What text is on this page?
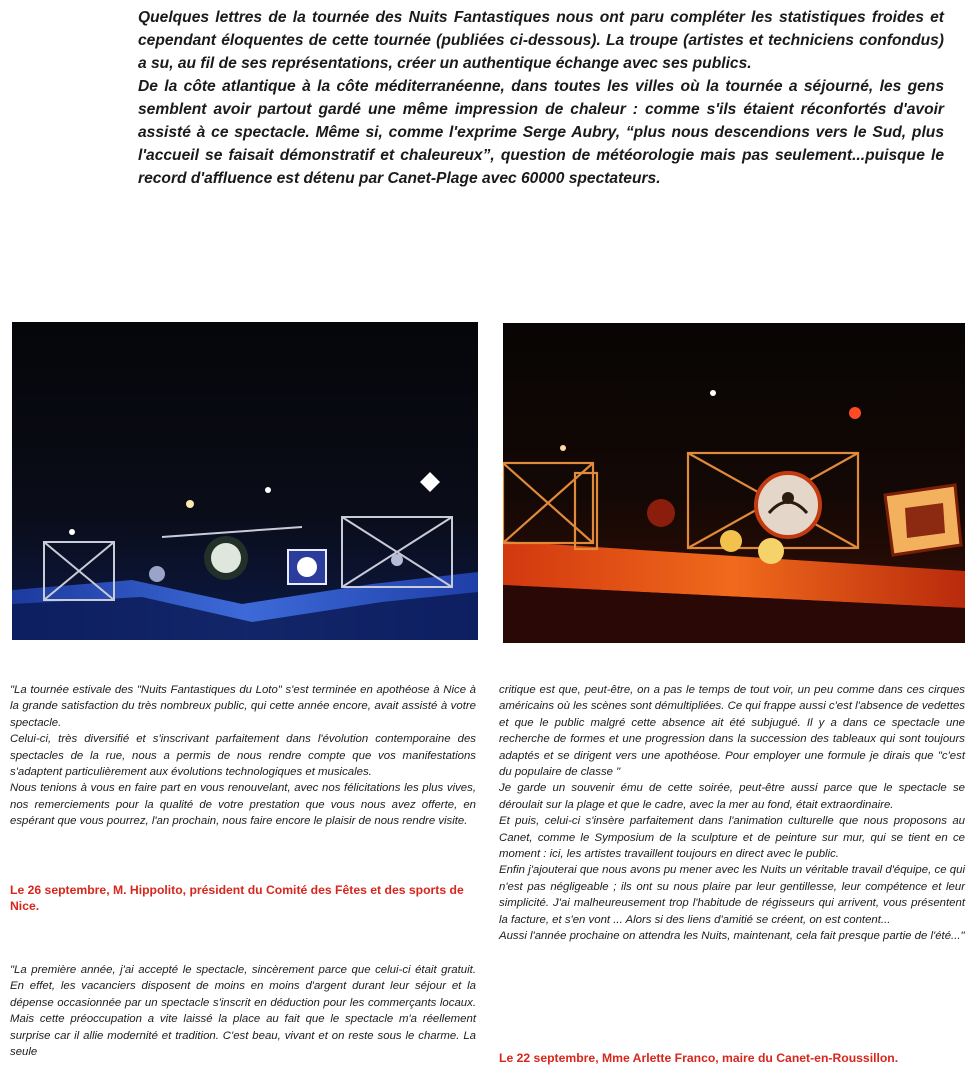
Quelques lettres de la tournée des Nuits Fantastiques nous ont paru compléter les statistiques froides et cependant éloquentes de cette tournée (publiées ci-dessous). La troupe (artistes et techniciens confondus) a su, au fil de ses représentations, créer un authentique échange avec ses publics.

De la côte atlantique à la côte méditerranéenne, dans toutes les villes où la tournée a séjourné, les gens semblent avoir partout gardé une même impression de chaleur : comme s'ils étaient réconfortés d'avoir assisté à ce spectacle. Même si, comme l'exprime Serge Aubry, “plus nous descendions vers le Sud, plus l'accueil se faisait démonstratif et chaleureux”, question de météorologie mais pas seulement...puisque le record d'affluence est détenu par Canet-Plage avec 60000 spectateurs.

"La tournée estivale des "Nuits Fantastiques du Loto" s'est terminée en apothéose à Nice à la grande satisfaction du très nombreux public, qui cette année encore, avait assisté à votre spectacle.

Celui-ci, très diversifié et s'inscrivant parfaitement dans l'évolution contemporaine des spectacles de la rue, nous a permis de nous rendre compte que vos manifestations s'adaptent particulièrement aux évolutions technologiques et musicales.

Nous tenions à vous en faire part en vous renouvelant, avec nos félicitations les plus vives, nos remerciements pour la qualité de votre prestation que vous nous avez offerte, en espérant que vous pourrez, l'an prochain, nous faire encore le plaisir de nous rendre visite.

Le 26 septembre, M. Hippolito, président du Comité des Fêtes et des sports de Nice.

"La première année, j'ai accepté le spectacle, sincèrement parce que celui-ci était gratuit. En effet, les vacanciers disposent de moins en moins d'argent durant leur séjour et la dépense occasionnée par un spectacle s'inscrit en déduction pour les commerçants locaux. Mais cette préoccupation a vite laissé la place au fait que le spectacle m'a réellement surprise car il allie modernité et tradition. C'est beau, vivant et on reste sous le charme. La seule

critique est que, peut-être, on a pas le temps de tout voir, un peu comme dans ces cirques américains où les scènes sont démultipliées. Ce qui frappe aussi c'est l'absence de vedettes et que le public malgré cette absence ait été subjugué. Il y a dans ce spectacle une recherche de formes et une progression dans la succession des tableaux qui sont toujours adaptés et se dirigent vers une apothéose. Pour employer une formule je dirais que "c'est du populaire de classe "

Je garde un souvenir ému de cette soirée, peut-être aussi parce que le spectacle se déroulait sur la plage et que le cadre, avec la mer au fond, était extraordinaire.

Et puis, celui-ci s'insère parfaitement dans l'animation culturelle que nous proposons au Canet, comme le Symposium de la sculpture et de peinture sur mur, qui se tient en ce moment : ici, les artistes travaillent toujours en direct avec le public.

Enfin j'ajouterai que nous avons pu mener avec les Nuits un véritable travail d'équipe, ce qui n'est pas négligeable ; ils ont su nous plaire par leur gentillesse, leur compétence et leur simplicité. J'ai malheureusement trop l'habitude de régisseurs qui arrivent, vous présentent la facture, et s'en vont ... Alors si des liens d'amitié se créent, on est content...

Aussi l'année prochaine on attendra les Nuits, maintenant, cela fait presque partie de l'été..."

Le 22 septembre, Mme Arlette Franco, maire du Canet-en-Roussillon.
